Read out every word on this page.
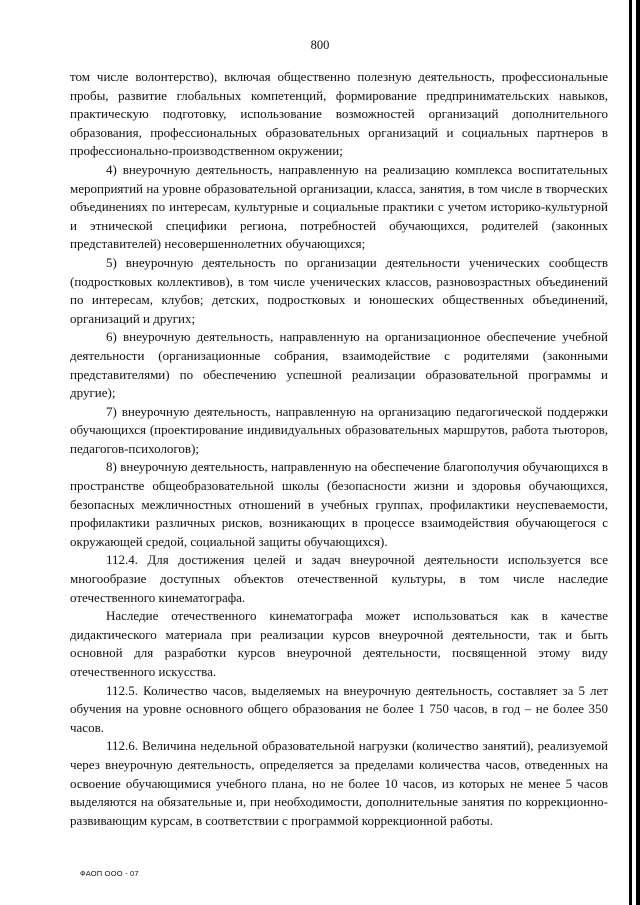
800

том числе волонтерство), включая общественно полезную деятельность, профессиональные пробы, развитие глобальных компетенций, формирование предпринимательских навыков, практическую подготовку, использование возможностей организаций дополнительного образования, профессиональных образовательных организаций и социальных партнеров в профессионально-производственном окружении;

4) внеурочную деятельность, направленную на реализацию комплекса воспитательных мероприятий на уровне образовательной организации, класса, занятия, в том числе в творческих объединениях по интересам, культурные и социальные практики с учетом историко-культурной и этнической специфики региона, потребностей обучающихся, родителей (законных представителей) несовершеннолетних обучающихся;

5) внеурочную деятельность по организации деятельности ученических сообществ (подростковых коллективов), в том числе ученических классов, разновозрастных объединений по интересам, клубов; детских, подростковых и юношеских общественных объединений, организаций и других;

6) внеурочную деятельность, направленную на организационное обеспечение учебной деятельности (организационные собрания, взаимодействие с родителями (законными представителями) по обеспечению успешной реализации образовательной программы и другие);

7) внеурочную деятельность, направленную на организацию педагогической поддержки обучающихся (проектирование индивидуальных образовательных маршрутов, работа тьюторов, педагогов-психологов);

8) внеурочную деятельность, направленную на обеспечение благополучия обучающихся в пространстве общеобразовательной школы (безопасности жизни и здоровья обучающихся, безопасных межличностных отношений в учебных группах, профилактики неуспеваемости, профилактики различных рисков, возникающих в процессе взаимодействия обучающегося с окружающей средой, социальной защиты обучающихся).

112.4. Для достижения целей и задач внеурочной деятельности используется все многообразие доступных объектов отечественной культуры, в том числе наследие отечественного кинематографа.

Наследие отечественного кинематографа может использоваться как в качестве дидактического материала при реализации курсов внеурочной деятельности, так и быть основной для разработки курсов внеурочной деятельности, посвященной этому виду отечественного искусства.

112.5. Количество часов, выделяемых на внеурочную деятельность, составляет за 5 лет обучения на уровне основного общего образования не более 1 750 часов, в год – не более 350 часов.

112.6. Величина недельной образовательной нагрузки (количество занятий), реализуемой через внеурочную деятельность, определяется за пределами количества часов, отведенных на освоение обучающимися учебного плана, но не более 10 часов, из которых не менее 5 часов выделяются на обязательные и, при необходимости, дополнительные занятия по коррекционно-развивающим курсам, в соответствии с программой коррекционной работы.

ФАОП ООО - 07
